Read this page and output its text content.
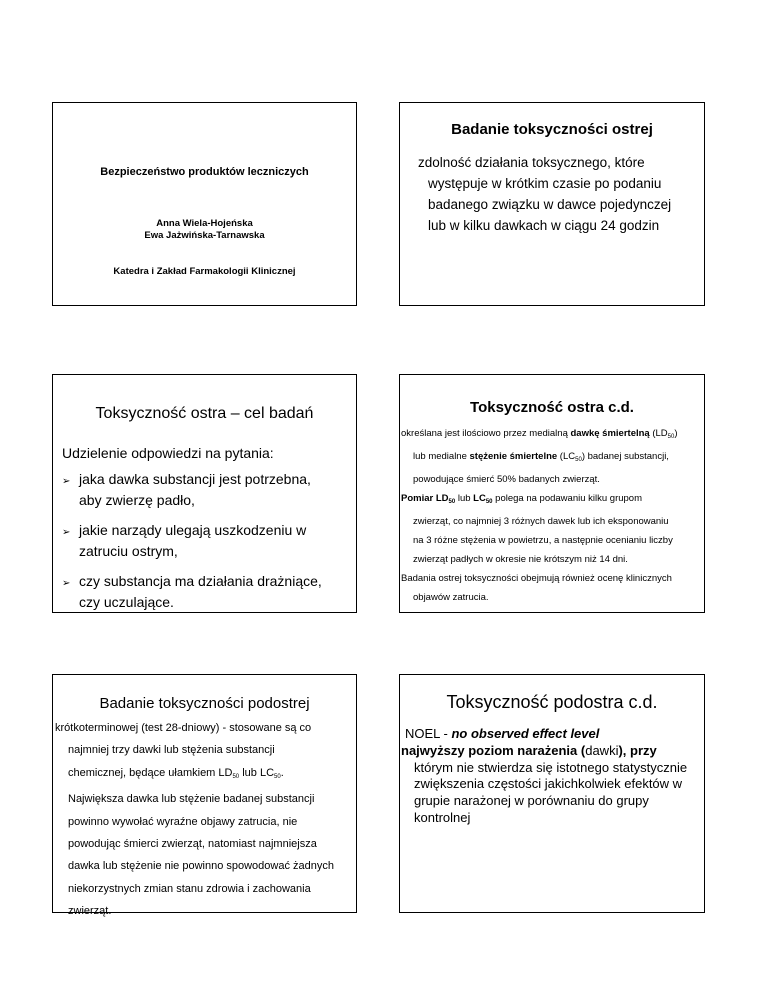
Bezpieczeństwo produktów leczniczych
Anna Wiela-Hojeńska
Ewa Jażwińska-Tarnawska
Katedra i Zakład Farmakologii Klinicznej
Badanie toksyczności ostrej
zdolność działania toksycznego, które
występuje w krótkim czasie po podaniu
badanego związku w dawce pojedynczej
lub w kilku dawkach w ciągu 24 godzin
Toksyczność ostra – cel badań
Udzielenie odpowiedzi na pytania:
➢ jaka dawka substancji jest potrzebna,
aby zwierzę padło,
➢ jakie narządy ulegają uszkodzeniu w
zatruciu ostrym,
➢ czy substancja ma działania drażniące,
czy uczulające.
Toksyczność ostra c.d.
określana jest ilościowo przez medialną dawkę śmiertelną $(LD_{50})$
lub medialne stężenie śmiertelne $(LC_{50})$ badanej substancji,
powodujące śmierć 50% badanych zwierząt.
Pomiar $LD_{50}$ lub $LC_{50}$ polega na podawaniu kilku grupom
zwierząt, co najmniej 3 różnych dawek lub ich eksponowaniu
na 3 różne stężenia w powietrzu, a następnie ocenianiu liczby
zwierząt padłych w okresie nie krótszym niż 14 dni.
Badania ostrej toksyczności obejmują również ocenę klinicznych
objawów zatrucia.
Badanie toksyczności podostrej
krótkoterminowej (test 28-dniowy) - stosowane są co
najmniej trzy dawki lub stężenia substancji
chemicznej, będące ułamkiem $LD_{50}$ lub $LC_{50}$.
Największa dawka lub stężenie badanej substancji
powinno wywołać wyraźne objawy zatrucia, nie
powodując śmierci zwierząt, natomiast najmniejsza
dawka lub stężenie nie powinno spowodować żadnych
niekorzystnych zmian stanu zdrowia i zachowania
zwierząt.
Toksyczność podostra c.d.
NOEL - no observed effect level
najwyższy poziom narażenia (dawki), przy
którym nie stwierdza się istotnego statystycznie
zwiększenia częstości jakichkolwiek efektów w
grupie narażonej w porównaniu do grupy
kontrolnej
